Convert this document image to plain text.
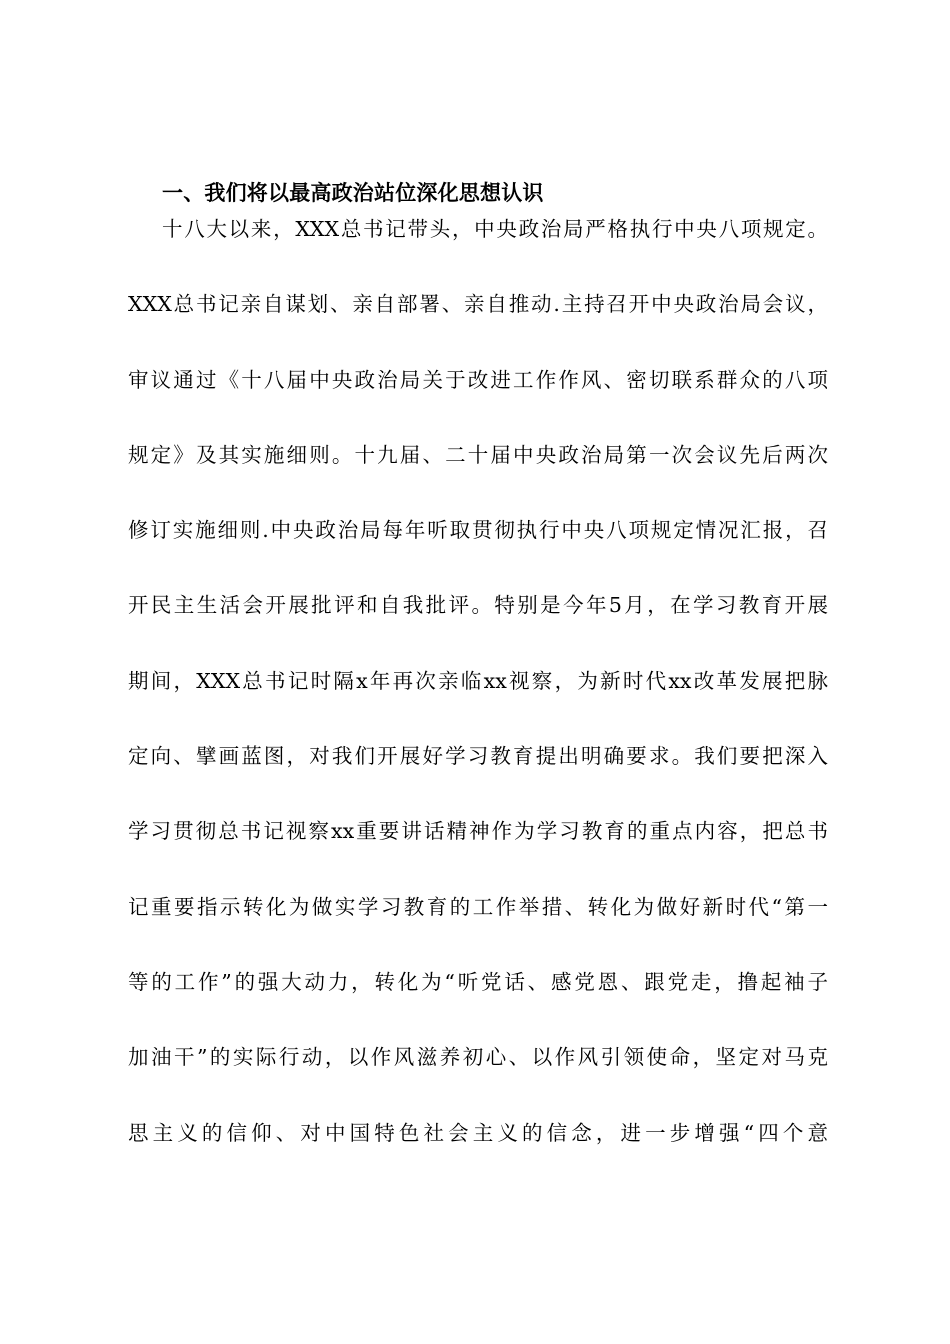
一、我们将以最高政治站位深化思想认识
十八大以来，XXX总书记带头，中央政治局严格执行中央八项规定。
XXX总书记亲自谋划、亲自部署、亲自推动.主持召开中央政治局会议，
审议通过《十八届中央政治局关于改进工作作风、密切联系群众的八项
规定》及其实施细则。十九届、二十届中央政治局第一次会议先后两次
修订实施细则.中央政治局每年听取贯彻执行中央八项规定情况汇报，召
开民主生活会开展批评和自我批评。特别是今年5月，在学习教育开展
期间，XXX总书记时隔x年再次亲临xx视察，为新时代xx改革发展把脉
定向、擘画蓝图，对我们开展好学习教育提出明确要求。我们要把深入
学习贯彻总书记视察xx重要讲话精神作为学习教育的重点内容，把总书
记重要指示转化为做实学习教育的工作举措、转化为做好新时代“第一
等的工作”的强大动力，转化为“听党话、感党恩、跟党走，撸起袖子
加油干”的实际行动，以作风滋养初心、以作风引领使命，坚定对马克
思主义的信仰、对中国特色社会主义的信念，进一步增强“四个意
